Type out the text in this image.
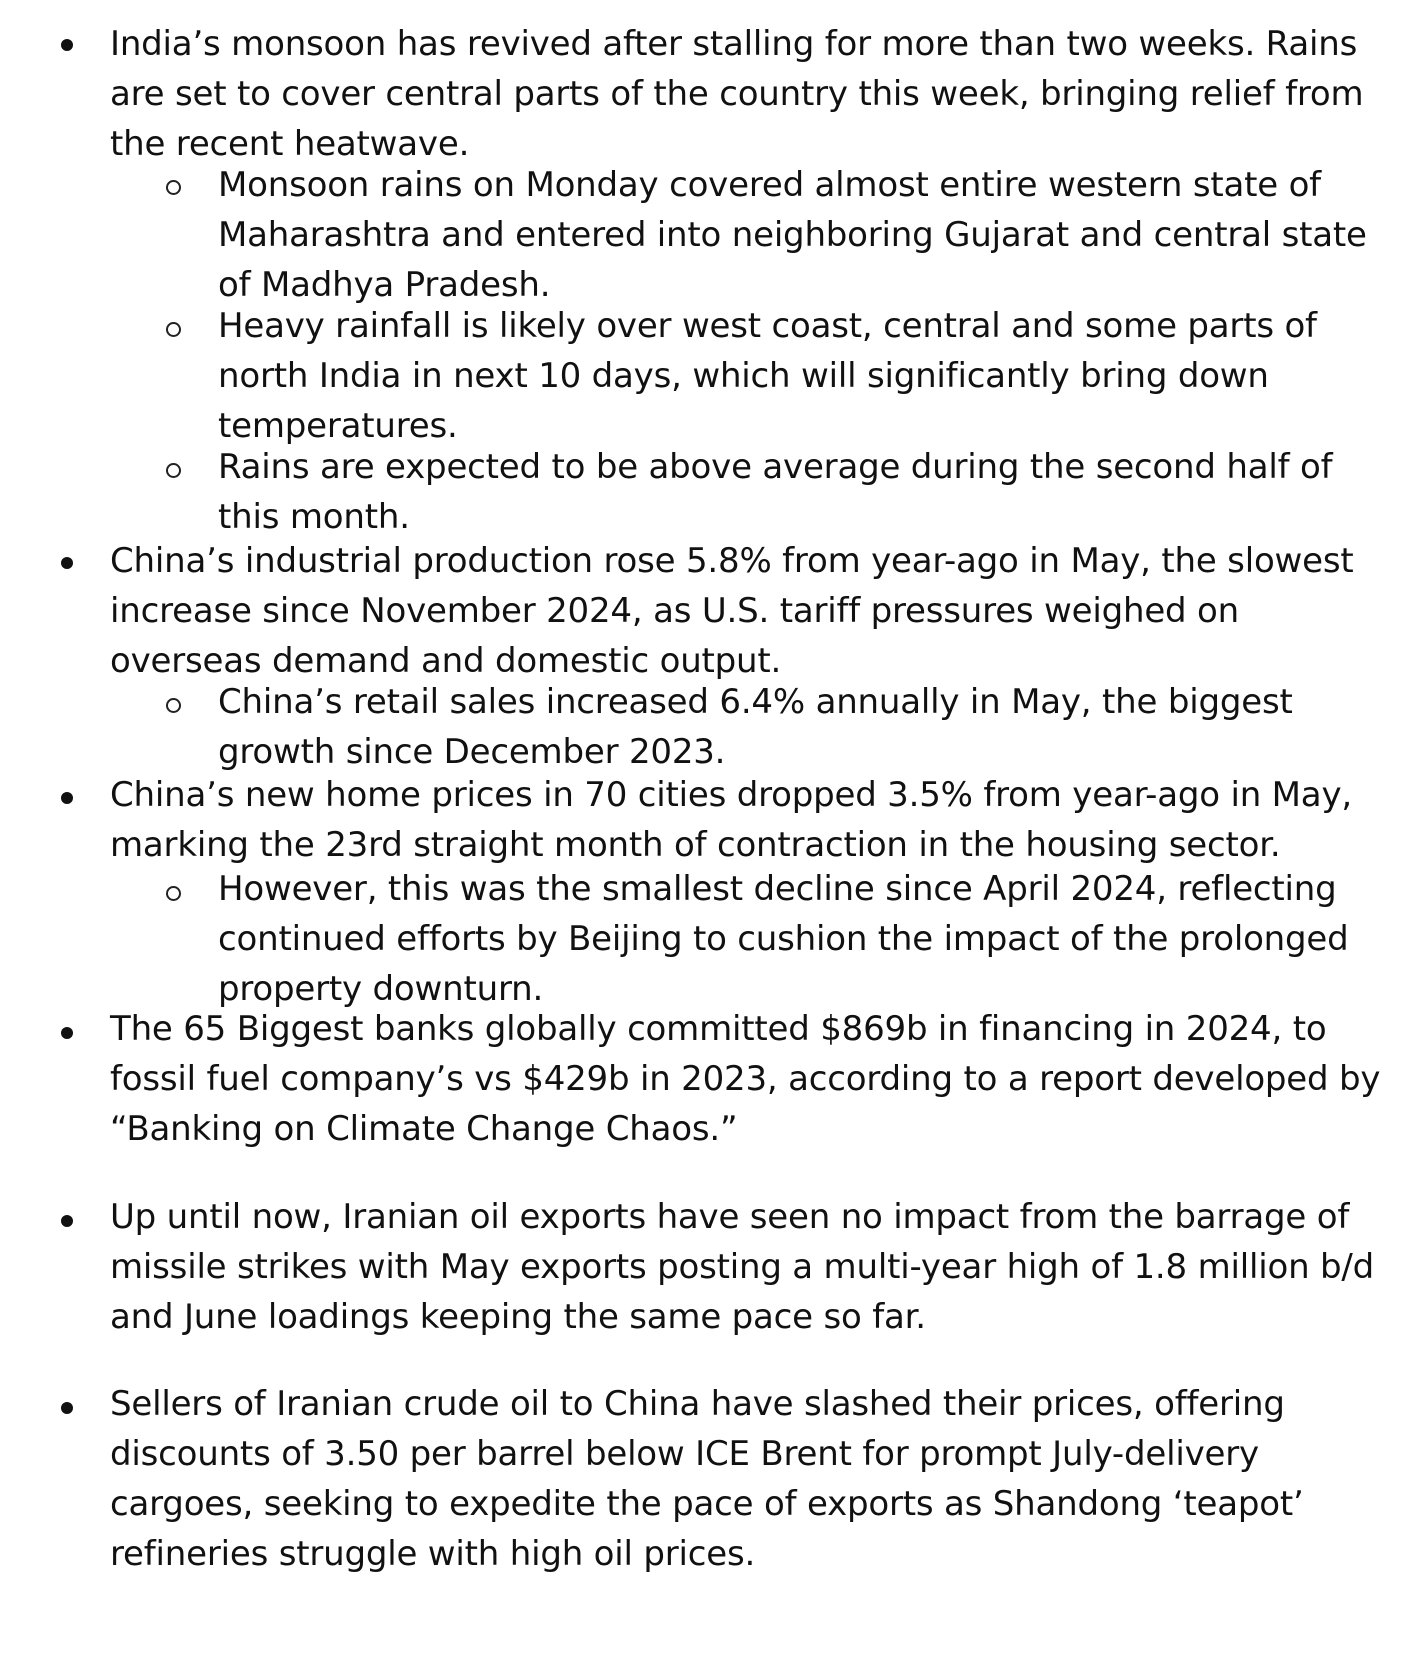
India’s monsoon has revived after stalling for more than two weeks. Rains are set to cover central parts of the country this week, bringing relief from the recent heatwave.
Monsoon rains on Monday covered almost entire western state of Maharashtra and entered into neighboring Gujarat and central state of Madhya Pradesh.
Heavy rainfall is likely over west coast, central and some parts of north India in next 10 days, which will significantly bring down temperatures.
Rains are expected to be above average during the second half of this month.
China’s industrial production rose 5.8% from year-ago in May, the slowest increase since November 2024, as U.S. tariff pressures weighed on overseas demand and domestic output.
China’s retail sales increased 6.4% annually in May, the biggest growth since December 2023.
China’s new home prices in 70 cities dropped 3.5% from year-ago in May, marking the 23rd straight month of contraction in the housing sector.
However, this was the smallest decline since April 2024, reflecting continued efforts by Beijing to cushion the impact of the prolonged property downturn.
The 65 Biggest banks globally committed $869b in financing in 2024, to fossil fuel company’s vs $429b in 2023, according to a report developed by “Banking on Climate Change Chaos.”
Up until now, Iranian oil exports have seen no impact from the barrage of missile strikes with May exports posting a multi-year high of 1.8 million b/d and June loadings keeping the same pace so far.
Sellers of Iranian crude oil to China have slashed their prices, offering discounts of 3.50 per barrel below ICE Brent for prompt July-delivery cargoes, seeking to expedite the pace of exports as Shandong ‘teapot’ refineries struggle with high oil prices.
